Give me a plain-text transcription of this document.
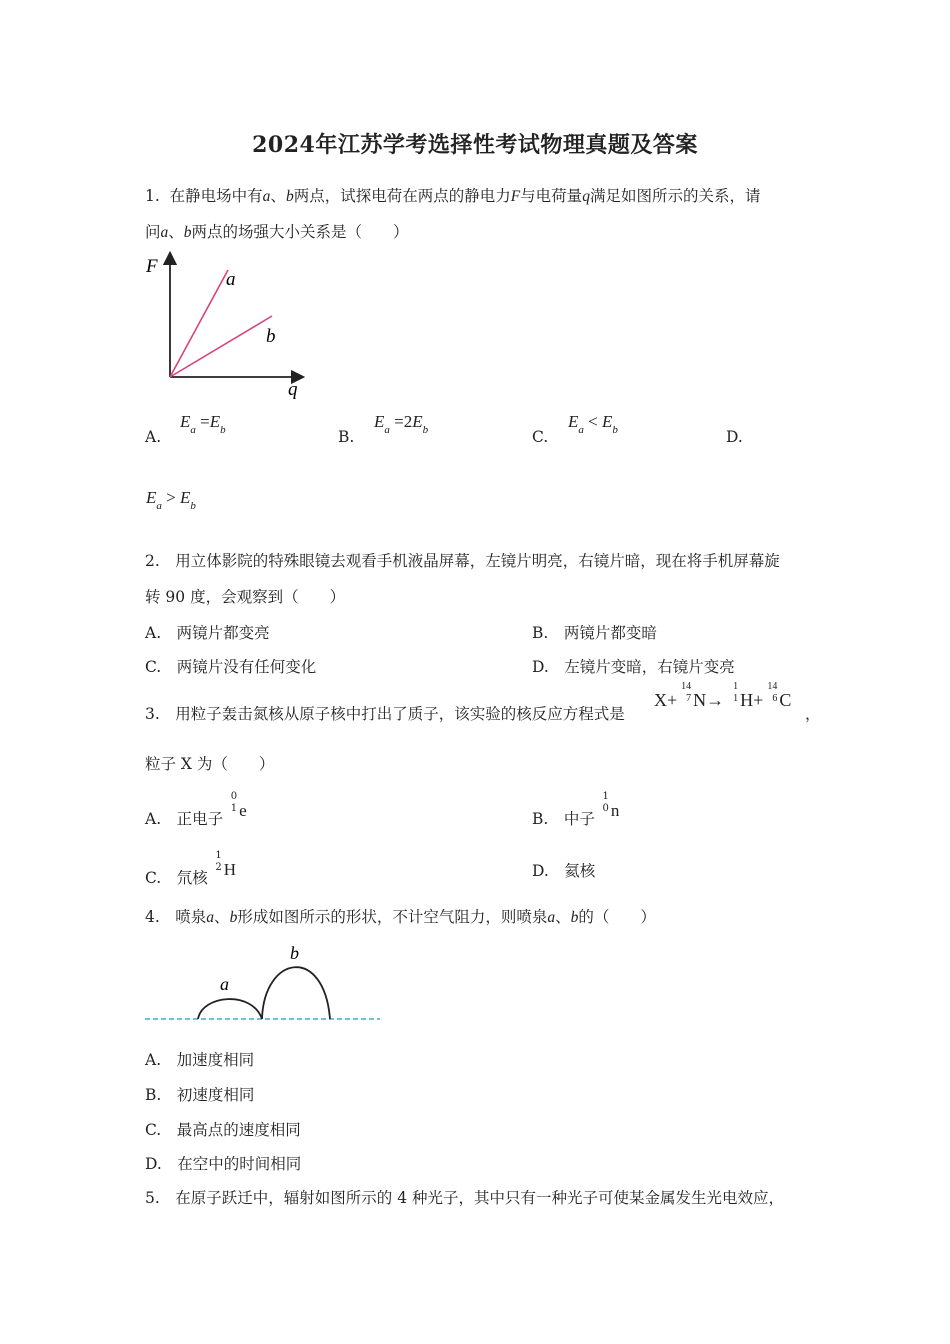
2024年江苏学考选择性考试物理真题及答案
1. 在静电场中有a、b两点，试探电荷在两点的静电力F与电荷量q满足如图所示的关系，请
问a、b两点的场强大小关系是（　　）
F
q
a
b
A.
$E_a =E_b$	B.
$E_a =2E_b$	C.
$E_a < E_b$	D.
$E_a > E_b$
2.　用立体影院的特殊眼镜去观看手机液晶屏幕，左镜片明亮，右镜片暗，现在将手机屏幕旋
转 90 度，会观察到（　　）
A.　两镜片都变亮	B.　两镜片都变暗
C.　两镜片没有任何变化	D.　左镜片变暗，右镜片变亮
3.　用粒子轰击氮核从原子核中打出了质子，该实验的核反应方程式是
X+
14
7 N→
1
1 H+
14
6 C
，
粒子 X 为（　　）
A.　正电子
0
1 e	B.　中子
1
0 n
C.　氘核
1
2 H	D.　氦核
4.　喷泉a、b形成如图所示的形状，不计空气阻力，则喷泉a、b的（　　）
a
b
A.　加速度相同
B.　初速度相同
C.　最高点的速度相同
D.　在空中的时间相同
5.　在原子跃迁中，辐射如图所示的 4 种光子，其中只有一种光子可使某金属发生光电效应，
